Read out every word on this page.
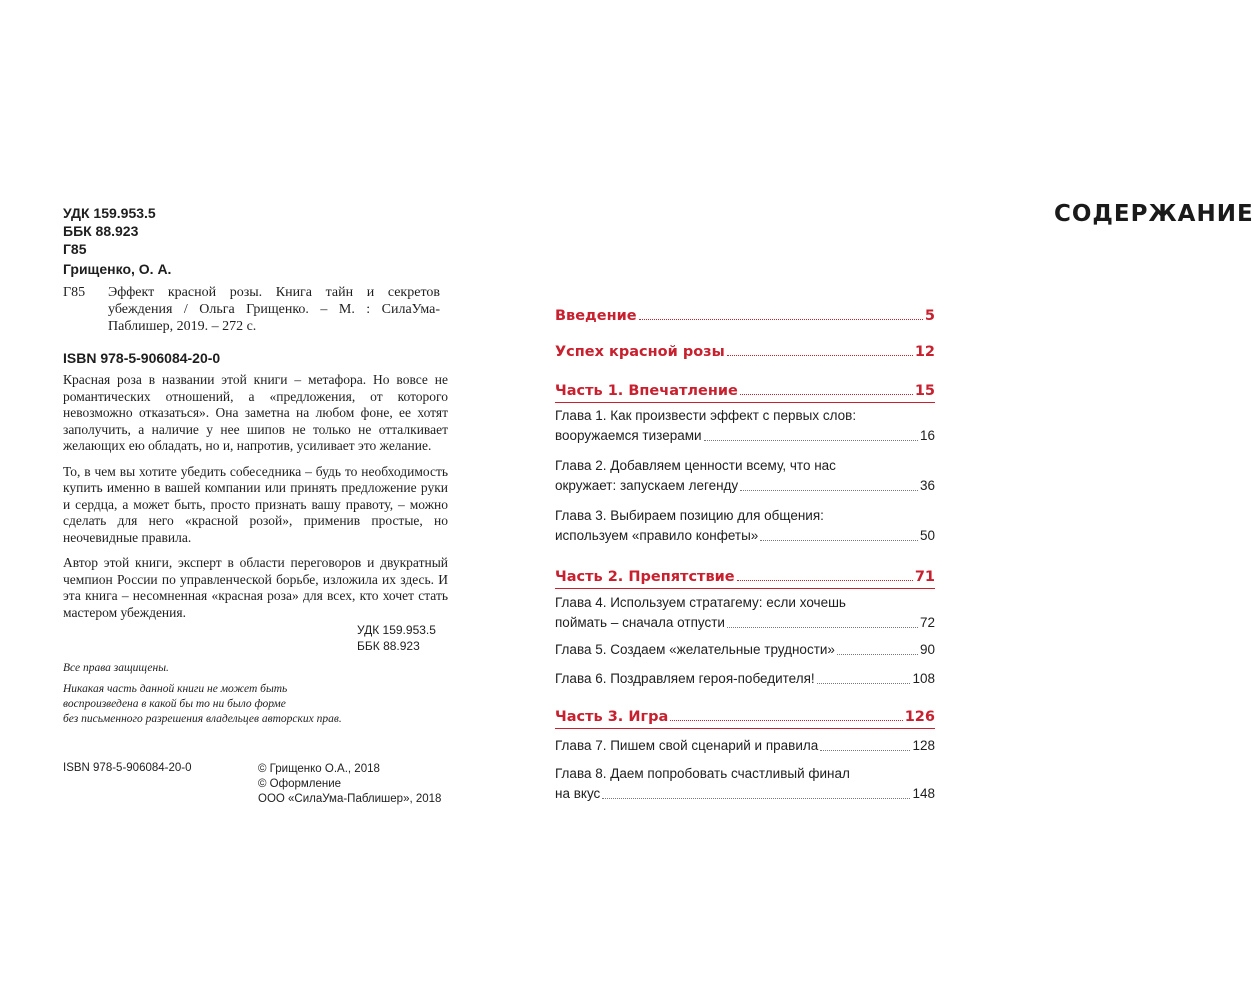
УДК 159.953.5
ББК 88.923
Г85
Грищенко, О. А.
Г85 Эффект красной розы. Книга тайн и секретов убеждения / Ольга Грищенко. – М. : СилаУма-Паблишер, 2019. – 272 с.
ISBN 978-5-906084-20-0

Красная роза в названии этой книги – метафора. Но вовсе не романтических отношений, а «предложения, от которого невозможно отказаться». Она заметна на любом фоне, ее хотят заполучить, а наличие у нее шипов не только не отталкивает желающих ею обладать, но и, напротив, усиливает это желание.

То, в чем вы хотите убедить собеседника – будь то необходимость купить именно в вашей компании или принять предложение руки и сердца, а может быть, просто признать вашу правоту, – можно сделать для него «красной розой», применив простые, но неочевидные правила.

Автор этой книги, эксперт в области переговоров и двукратный чемпион России по управленческой борьбе, изложила их здесь. И эта книга – несомненная «красная роза» для всех, кто хочет стать мастером убеждения.

УДК 159.953.5
ББК 88.923
Все права защищены.
Никакая часть данной книги не может быть
воспроизведена в какой бы то ни было форме
без письменного разрешения владельцев авторских прав.
ISBN 978-5-906084-20-0	© Грищенко О.А., 2018
© Оформление
ООО «СилаУма-Паблишер», 2018
СОДЕРЖАНИЕ
Введение	5
Успех красной розы	12
Часть 1. Впечатление	15
Глава 1. Как произвести эффект с первых слов:
вооружаемся тизерами	16
Глава 2. Добавляем ценности всему, что нас
окружает: запускаем легенду	36
Глава 3. Выбираем позицию для общения:
используем «правило конфеты»	50
Часть 2. Препятствие	71
Глава 4. Используем стратагему: если хочешь
поймать – сначала отпусти	72
Глава 5. Создаем «желательные трудности»	90
Глава 6. Поздравляем героя-победителя!	108
Часть 3. Игра	126
Глава 7. Пишем свой сценарий и правила	128
Глава 8. Даем попробовать счастливый финал
на вкус	148
